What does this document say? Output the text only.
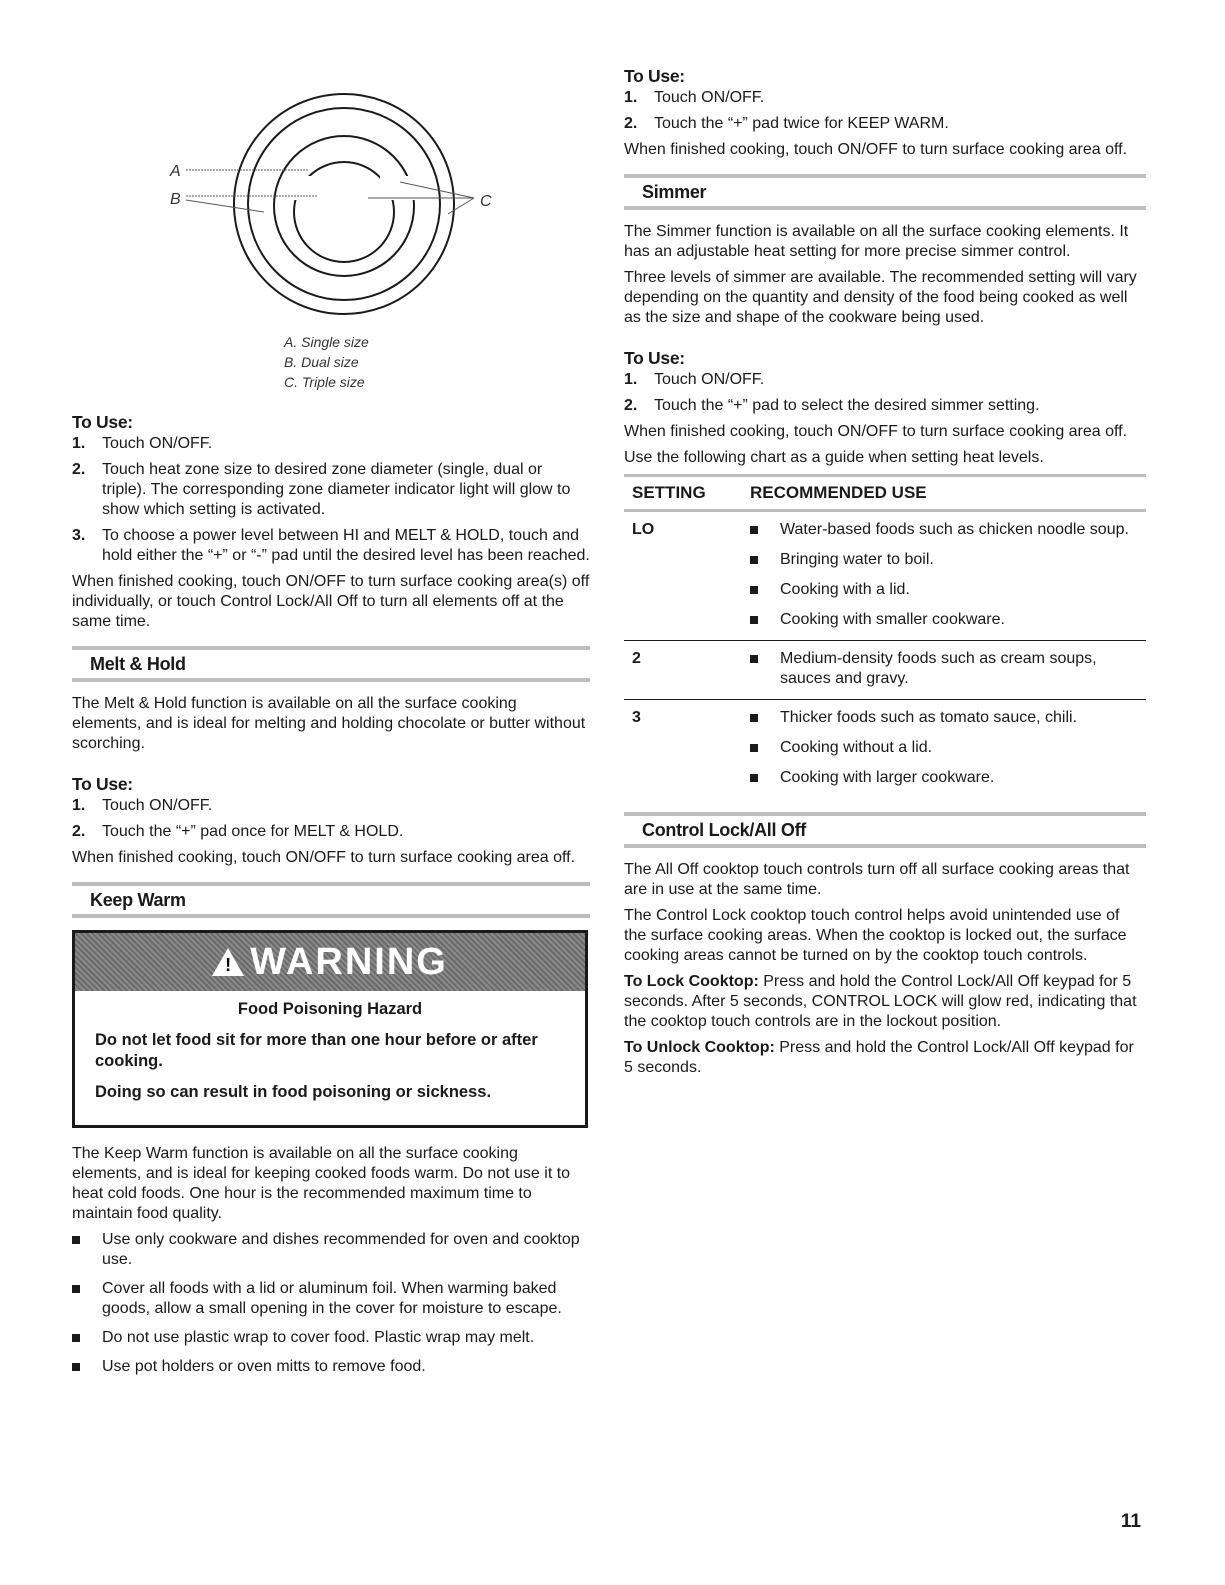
A
B	C
A. Single size
B. Dual size
C. Triple size
To Use:
1. Touch ON/OFF.
2. Touch heat zone size to desired zone diameter (single, dual or triple). The corresponding zone diameter indicator light will glow to show which setting is activated.
3. To choose a power level between HI and MELT & HOLD, touch and hold either the “+” or “-” pad until the desired level has been reached.

When finished cooking, touch ON/OFF to turn surface cooking area(s) off individually, or touch Control Lock/All Off to turn all elements off at the same time.

Melt & Hold

The Melt & Hold function is available on all the surface cooking elements, and is ideal for melting and holding chocolate or butter without scorching.

To Use:
1. Touch ON/OFF.
2. Touch the “+” pad once for MELT & HOLD.

When finished cooking, touch ON/OFF to turn surface cooking area off.

Keep Warm
! WARNING
Food Poisoning Hazard

Do not let food sit for more than one hour before or after cooking.

Doing so can result in food poisoning or sickness.

The Keep Warm function is available on all the surface cooking elements, and is ideal for keeping cooked foods warm. Do not use it to heat cold foods. One hour is the recommended maximum time to maintain food quality.

Use only cookware and dishes recommended for oven and cooktop use.
Cover all foods with a lid or aluminum foil. When warming baked goods, allow a small opening in the cover for moisture to escape.
Do not use plastic wrap to cover food. Plastic wrap may melt.
Use pot holders or oven mitts to remove food.
To Use:
1. Touch ON/OFF.
2. Touch the “+” pad twice for KEEP WARM.

When finished cooking, touch ON/OFF to turn surface cooking area off.

Simmer

The Simmer function is available on all the surface cooking elements. It has an adjustable heat setting for more precise simmer control.

Three levels of simmer are available. The recommended setting will vary depending on the quantity and density of the food being cooked as well as the size and shape of the cookware being used.

To Use:
1. Touch ON/OFF.
2. Touch the “+” pad to select the desired simmer setting.

When finished cooking, touch ON/OFF to turn surface cooking area off.

Use the following chart as a guide when setting heat levels.

SETTING	RECOMMENDED USE
LO	Water-based foods such as chicken noodle soup.
Bringing water to boil.
Cooking with a lid.
Cooking with smaller cookware.
2	Medium-density foods such as cream soups, sauces and gravy.
3	Thicker foods such as tomato sauce, chili.
Cooking without a lid.
Cooking with larger cookware.
Control Lock/All Off

The All Off cooktop touch controls turn off all surface cooking areas that are in use at the same time.

The Control Lock cooktop touch control helps avoid unintended use of the surface cooking areas. When the cooktop is locked out, the surface cooking areas cannot be turned on by the cooktop touch controls.

To Lock Cooktop: Press and hold the Control Lock/All Off keypad for 5 seconds. After 5 seconds, CONTROL LOCK will glow red, indicating that the cooktop touch controls are in the lockout position.

To Unlock Cooktop: Press and hold the Control Lock/All Off keypad for 5 seconds.

11
